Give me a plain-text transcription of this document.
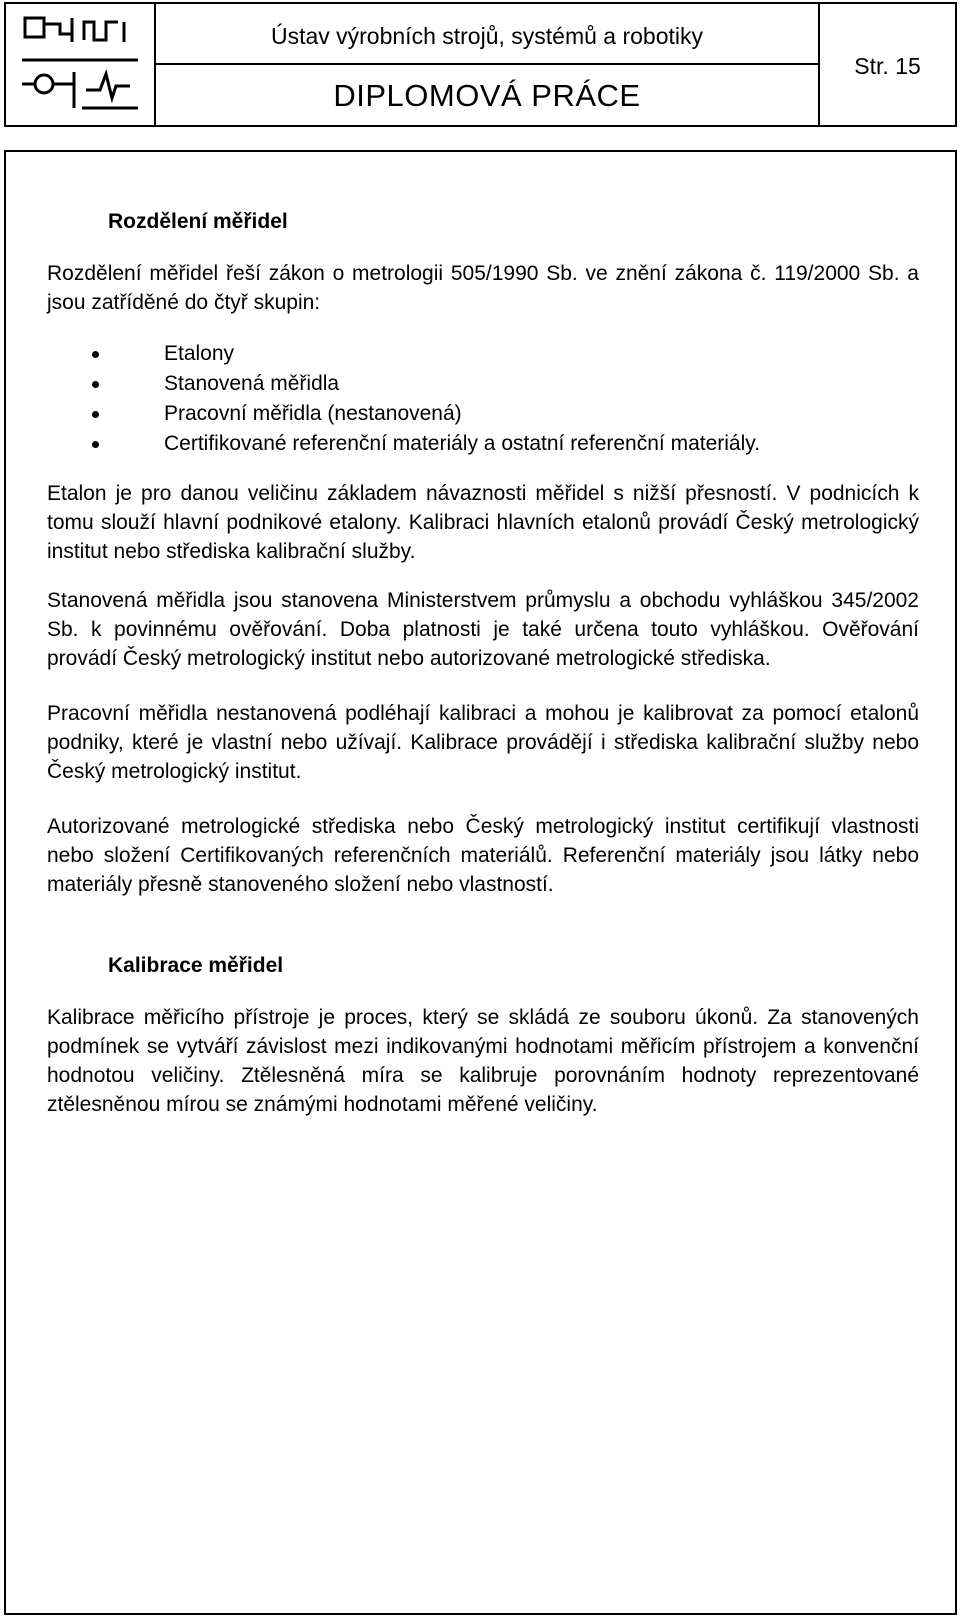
Ústav výrobních strojů, systémů a robotiky
DIPLOMOVÁ PRÁCE
Str. 15
Rozdělení měřidel

Rozdělení měřidel řeší zákon o metrologii 505/1990 Sb. ve znění zákona č. 119/2000 Sb. a jsou zatříděné do čtyř skupin:

Etalony
Stanovená měřidla
Pracovní měřidla (nestanovená)
Certifikované referenční materiály a ostatní referenční materiály.

Etalon je pro danou veličinu základem návaznosti měřidel s nižší přesností. V podnicích k tomu slouží hlavní podnikové etalony. Kalibraci hlavních etalonů provádí Český metrologický institut nebo střediska kalibrační služby.

Stanovená měřidla jsou stanovena Ministerstvem průmyslu a obchodu vyhláškou 345/2002 Sb. k povinnému ověřování. Doba platnosti je také určena touto vyhláškou. Ověřování provádí Český metrologický institut nebo autorizované metrologické střediska.

Pracovní měřidla nestanovená podléhají kalibraci a mohou je kalibrovat za pomocí etalonů podniky, které je vlastní nebo užívají. Kalibrace provádějí i střediska kalibrační služby nebo Český metrologický institut.

Autorizované metrologické střediska nebo Český metrologický institut certifikují vlastnosti nebo složení Certifikovaných referenčních materiálů. Referenční materiály jsou látky nebo materiály přesně stanoveného složení nebo vlastností.

Kalibrace měřidel

Kalibrace měřicího přístroje je proces, který se skládá ze souboru úkonů. Za stanovených podmínek se vytváří závislost mezi indikovanými hodnotami měřicím přístrojem a konvenční hodnotou veličiny. Ztělesněná míra se kalibruje porovnáním hodnoty reprezentované ztělesněnou mírou se známými hodnotami měřené veličiny.
